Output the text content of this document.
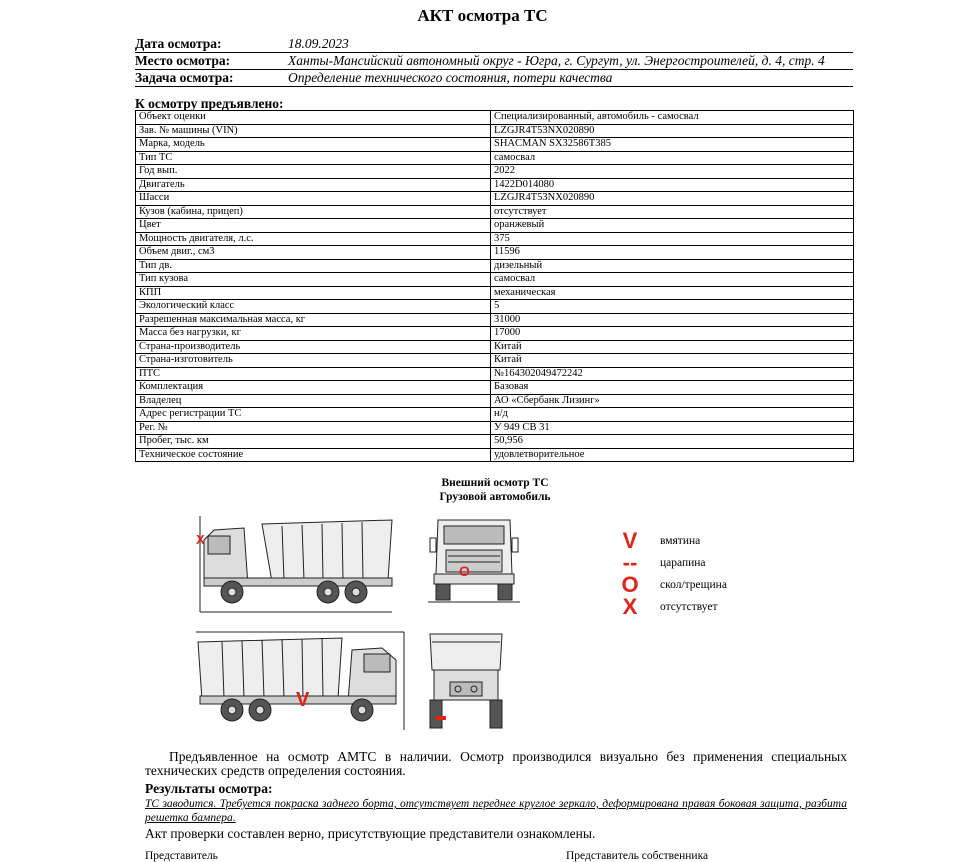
АКТ осмотра ТС
Дата осмотра:	18.09.2023
Место осмотра:	Ханты-Мансийский автономный округ - Югра, г. Сургут, ул. Энергостроителей, д. 4, стр. 4
Задача осмотра:	Определение технического состояния, потери качества
К осмотру предъявлено:
Объект оценки	Специализированный, автомобиль - самосвал
Зав. № машины (VIN)	LZGJR4T53NX020890
Марка, модель	SHACMAN SX32586T385
Тип ТС	самосвал
Год вып.	2022
Двигатель	1422D014080
Шасси	LZGJR4T53NX020890
Кузов (кабина, прицеп)	отсутствует
Цвет	оранжевый
Мощность двигателя, л.с.	375
Объем двиг., см3	11596
Тип дв.	дизельный
Тип кузова	самосвал
КПП	механическая
Экологический класс	5
Разрешенная максимальная масса, кг	31000
Масса без нагрузки, кг	17000
Страна-производитель	Китай
Страна-изготовитель	Китай
ПТС	№164302049472242
Комплектация	Базовая
Владелец	АО «Сбербанк Лизинг»
Адрес регистрации ТС	н/д
Рег. №	У 949 СВ 31
Пробег, тыс. км	50,956
Техническое состояние	удовлетворительное
Внешний осмотр ТС
Грузовой автомобиль
X
O
V
V	вмятина
--	царапина
O	скол/трещина
X	отсутствует
Предъявленное на осмотр АМТС в наличии. Осмотр производился визуально без применения специальных технических средств определения состояния.
Результаты осмотра:
ТС заводится. Требуется покраска заднего борта, отсутствует переднее круглое зеркало, деформирована правая боковая защита, разбита решетка бампера.
Акт проверки составлен верно, присутствующие представители ознакомлены.
Представитель	Представитель собственника
